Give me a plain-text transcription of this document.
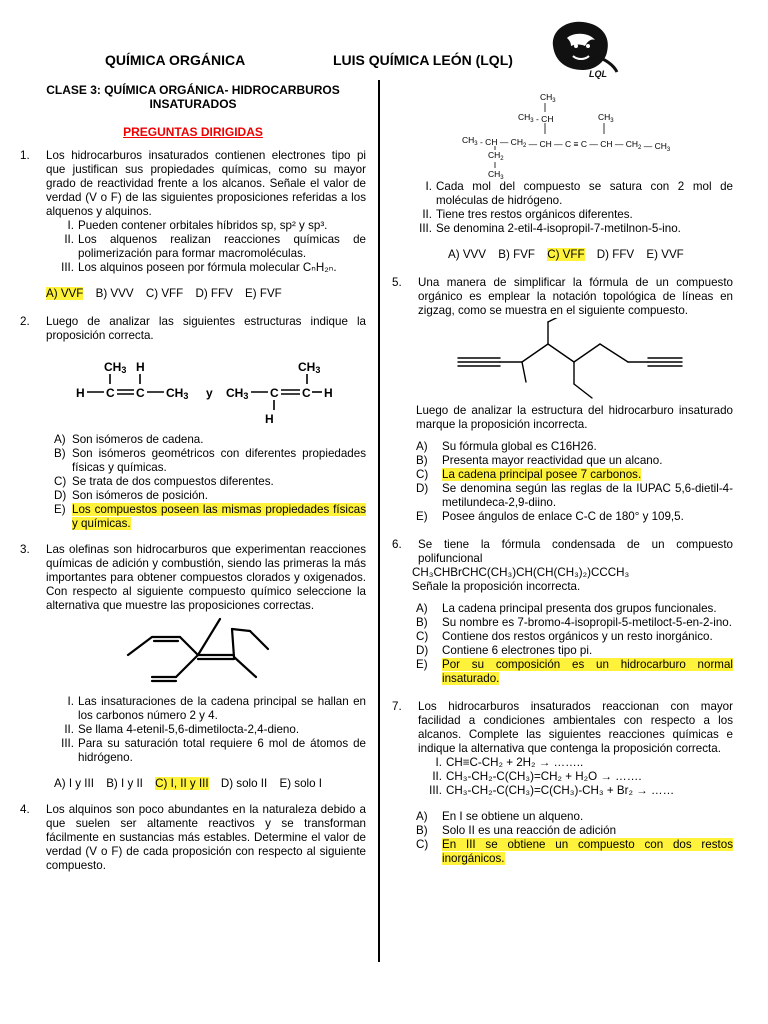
QUÍMICA ORGÁNICA	LUIS QUÍMICA LEÓN (LQL)
LQL
CLASE 3: QUÍMICA ORGÁNICA- HIDROCARBUROS INSATURADOS
PREGUNTAS DIRIGIDAS
1.	Los hidrocarburos insaturados contienen electrones tipo pi que justifican sus propiedades químicas, como su mayor grado de reactividad frente a los alcanos. Señale el valor de verdad (V o F) de las siguientes proposiciones referidas a los alquenos y alquinos.
I. Pueden contener orbitales híbridos sp, sp² y sp³.
II. Los alquenos realizan reacciones químicas de polimerización para formar macromoléculas.
III. Los alquinos poseen por fórmula molecular CₙH₂ₙ.
A) VVF B) VVV C) VFF D) FFV E) FVF
2.	Luego de analizar las siguientes estructuras indique la proposición correcta.
CH3 H
H C C CH3 y CH3 C C H
CH3
H
A) Son isómeros de cadena.
B) Son isómeros geométricos con diferentes propiedades físicas y químicas.
C) Se trata de dos compuestos diferentes.
D) Son isómeros de posición.
E) Los compuestos poseen las mismas propiedades físicas y químicas.
3.	Las olefinas son hidrocarburos que experimentan reacciones químicas de adición y combustión, siendo las primeras la más importantes para obtener compuestos clorados y oxigenados. Con respecto al siguiente compuesto químico seleccione la alternativa que muestre las proposiciones correctas.
I. Las insaturaciones de la cadena principal se hallan en los carbonos número 2 y 4.
II. Se llama 4-etenil-5,6-dimetilocta-2,4-dieno.
III. Para su saturación total requiere 6 mol de átomos de hidrógeno.
A) I y III B) I y II C) I, II y III D) solo II E) solo I
4.	Los alquinos son poco abundantes en la naturaleza debido a que suelen ser altamente reactivos y se transforman fácilmente en sustancias más estables. Determine el valor de verdad (V o F) de cada proposición con respecto al siguiente compuesto.
$CH_3$
$CH_3$ - CH	$CH_3$
$CH_3$ - CH — $CH_2$ — CH — C ≡ C — CH — $CH_2$ — $CH_3$
$CH_2$
$CH_3$
I. Cada mol del compuesto se satura con 2 mol de moléculas de hidrógeno.
II. Tiene tres restos orgánicos diferentes.
III. Se denomina 2-etil-4-isopropil-7-metilnon-5-ino.
A) VVV B) FVF C) VFF D) FFV E) VVF
5.	Una manera de simplificar la fórmula de un compuesto orgánico es emplear la notación topológica de líneas en zigzag, como se muestra en el siguiente compuesto.
Luego de analizar la estructura del hidrocarburo insaturado marque la proposición incorrecta.
A)	Su fórmula global es C16H26.
B)	Presenta mayor reactividad que un alcano.
C)	La cadena principal posee 7 carbonos.
D)	Se denomina según las reglas de la IUPAC 5,6-dietil-4-metilundeca-2,9-diino.
E)	Posee ángulos de enlace C-C de 180° y 109,5.
6.	Se tiene la fórmula condensada de un compuesto polifuncional
CH₃CHBrCHC(CH₃)CH(CH(CH₃)₂)CCCH₃
Señale la proposición incorrecta.
A)	La cadena principal presenta dos grupos funcionales.
B)	Su nombre es 7-bromo-4-isopropil-5-metiloct-5-en-2-ino.
C)	Contiene dos restos orgánicos y un resto inorgánico.
D)	Contiene 6 electrones tipo pi.
E)	Por su composición es un hidrocarburo normal insaturado.
7.	Los hidrocarburos insaturados reaccionan con mayor facilidad a condiciones ambientales con respecto a los alcanos. Complete las siguientes reacciones químicas e indique la alternativa que contenga la proposición correcta.
I. CH≡C-CH₂ + 2H₂ → ……..
II. CH₃-CH₂-C(CH₃)=CH₂ + H₂O → …….
III. CH₃-CH₂-C(CH₃)=C(CH₃)-CH₃ + Br₂ → ……
A)	En I se obtiene un alqueno.
B)	Solo II es una reacción de adición
C)	En III se obtiene un compuesto con dos restos inorgánicos.
